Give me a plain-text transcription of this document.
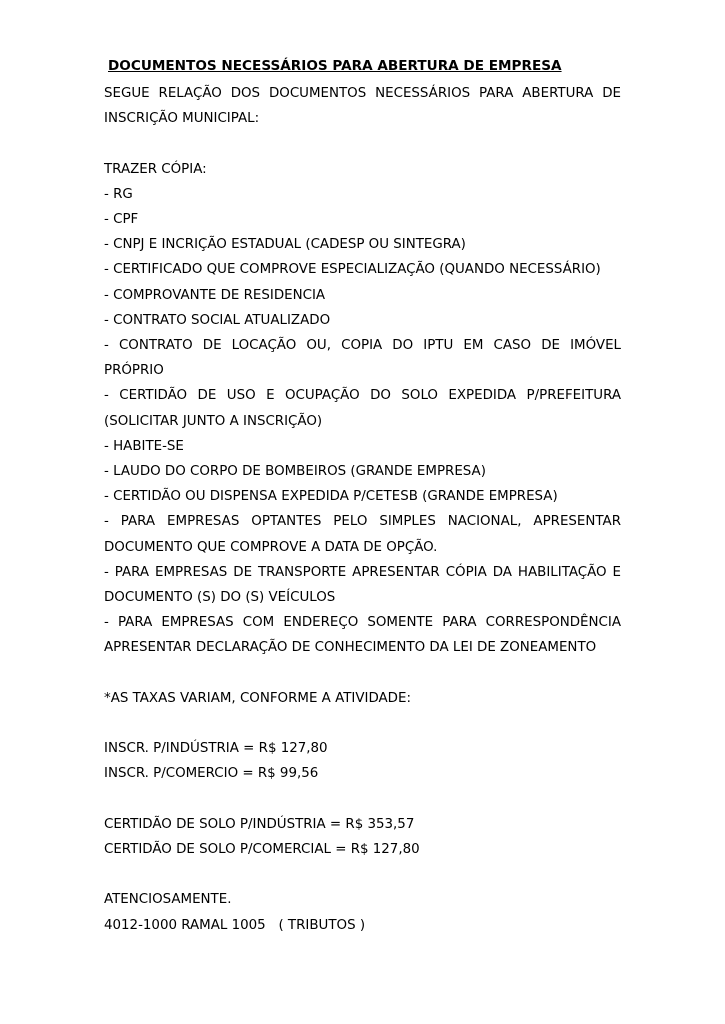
DOCUMENTOS NECESSÁRIOS PARA ABERTURA DE EMPRESA

SEGUE RELAÇÃO DOS DOCUMENTOS NECESSÁRIOS PARA ABERTURA DE

INSCRIÇÃO MUNICIPAL:

TRAZER CÓPIA:

- RG

- CPF

- CNPJ E INCRIÇÃO ESTADUAL (CADESP OU SINTEGRA)

- CERTIFICADO QUE COMPROVE ESPECIALIZAÇÃO (QUANDO NECESSÁRIO)

- COMPROVANTE DE RESIDENCIA

- CONTRATO SOCIAL ATUALIZADO

- CONTRATO DE LOCAÇÃO OU, COPIA DO IPTU EM CASO DE IMÓVEL

PRÓPRIO

- CERTIDÃO DE USO E OCUPAÇÃO DO SOLO EXPEDIDA P/PREFEITURA

(SOLICITAR JUNTO A INSCRIÇÃO)

- HABITE-SE

- LAUDO DO CORPO DE BOMBEIROS (GRANDE EMPRESA)

- CERTIDÃO OU DISPENSA EXPEDIDA P/CETESB (GRANDE EMPRESA)

- PARA EMPRESAS OPTANTES PELO SIMPLES NACIONAL, APRESENTAR

DOCUMENTO QUE COMPROVE A DATA DE OPÇÃO.

- PARA EMPRESAS DE TRANSPORTE APRESENTAR CÓPIA DA HABILITAÇÃO E

DOCUMENTO (S) DO (S) VEÍCULOS

- PARA EMPRESAS COM ENDEREÇO SOMENTE PARA CORRESPONDÊNCIA

APRESENTAR DECLARAÇÃO DE CONHECIMENTO DA LEI DE ZONEAMENTO

*AS TAXAS VARIAM, CONFORME A ATIVIDADE:

INSCR. P/INDÚSTRIA = R$ 127,80

INSCR. P/COMERCIO = R$ 99,56

CERTIDÃO DE SOLO P/INDÚSTRIA = R$ 353,57

CERTIDÃO DE SOLO P/COMERCIAL = R$ 127,80

ATENCIOSAMENTE.

4012-1000 RAMAL 1005   ( TRIBUTOS )
